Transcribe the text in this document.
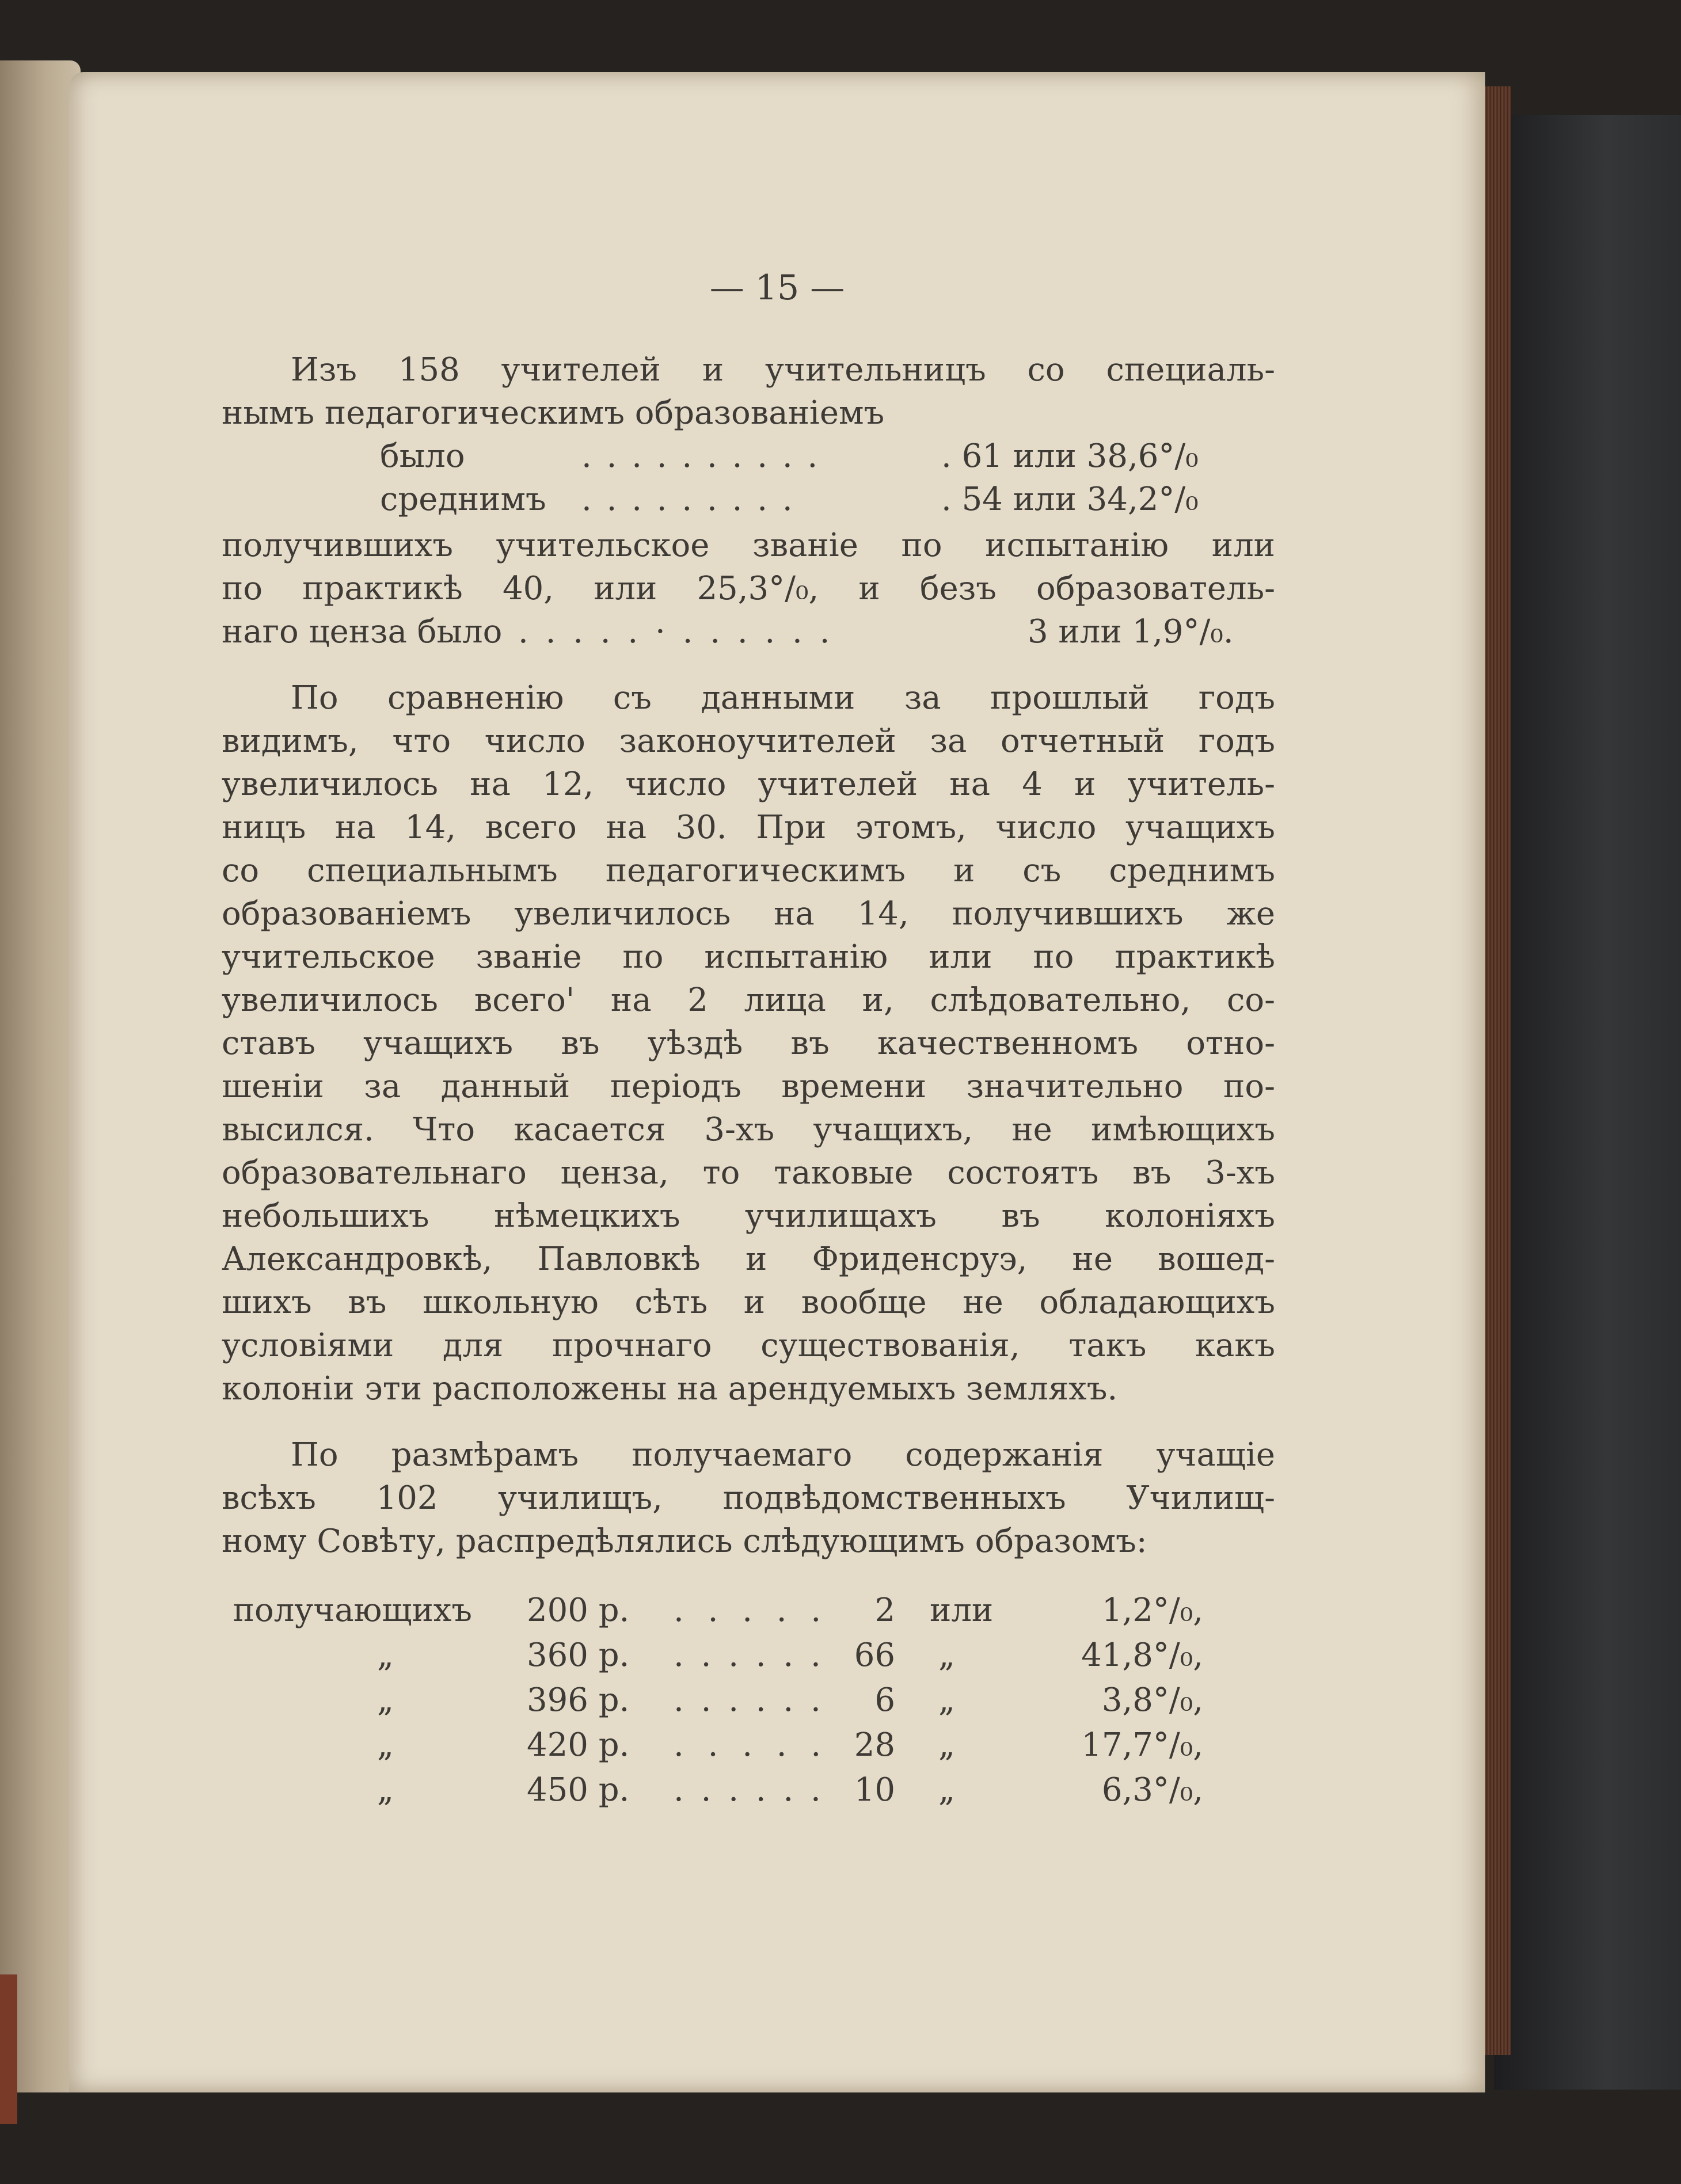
— 15 —
Изъ 158 учителей и учительницъ со специаль-
нымъ педагогическимъ образованiемъ
было	. . . . . . . . . .	. 61 или 38,6°/₀
среднимъ . . . . . . . . .	. 54 или 34,2°/₀
получившихъ учительское званiе по испытанiю или
по практикѣ 40, или 25,3°/₀, и безъ образователь-
наго ценза было . . . . . · . . . . . .	3 или 1,9°/₀.
По сравненiю съ данными за прошлый годъ
видимъ, что число законоучителей за отчетный годъ
увеличилось на 12, число учителей на 4 и учитель-
ницъ на 14, всего на 30. При этомъ, число учащихъ
со специальнымъ педагогическимъ и съ среднимъ
образованiемъ увеличилось на 14, получившихъ же
учительское званiе по испытанiю или по практикѣ
увеличилось всего' на 2 лица и, слѣдовательно, со-
ставъ учащихъ въ уѣздѣ въ качественномъ отно-
шенiи за данный перiодъ времени значительно по-
высился. Что касается 3-хъ учащихъ, не имѣющихъ
образовательнаго ценза, то таковые состоятъ въ 3-хъ
небольшихъ нѣмецкихъ училищахъ въ колонiяхъ
Александровкѣ, Павловкѣ и Фриденсруэ, не вошед-
шихъ въ школьную сѣть и вообще не обладающихъ
условiями для прочнаго существованiя, такъ какъ
колонiи эти расположены на арендуемыхъ земляхъ.
По размѣрамъ получаемаго содержанiя учащiе
всѣхъ 102 училищъ, подвѣдомственныхъ Училищ-
ному Совѣту, распредѣлялись слѣдующимъ образомъ:
получающихъ 200 р. . . . . .	2 или	1,2°/₀,
„	360 р. . . . . . . 66 „	41,8°/₀,
„	396 р. . . . . . .	6 „	3,8°/₀,
„	420 р. . . . . . 28 „	17,7°/₀,
„	450 р. . . . . . . 10 „	6,3°/₀,
